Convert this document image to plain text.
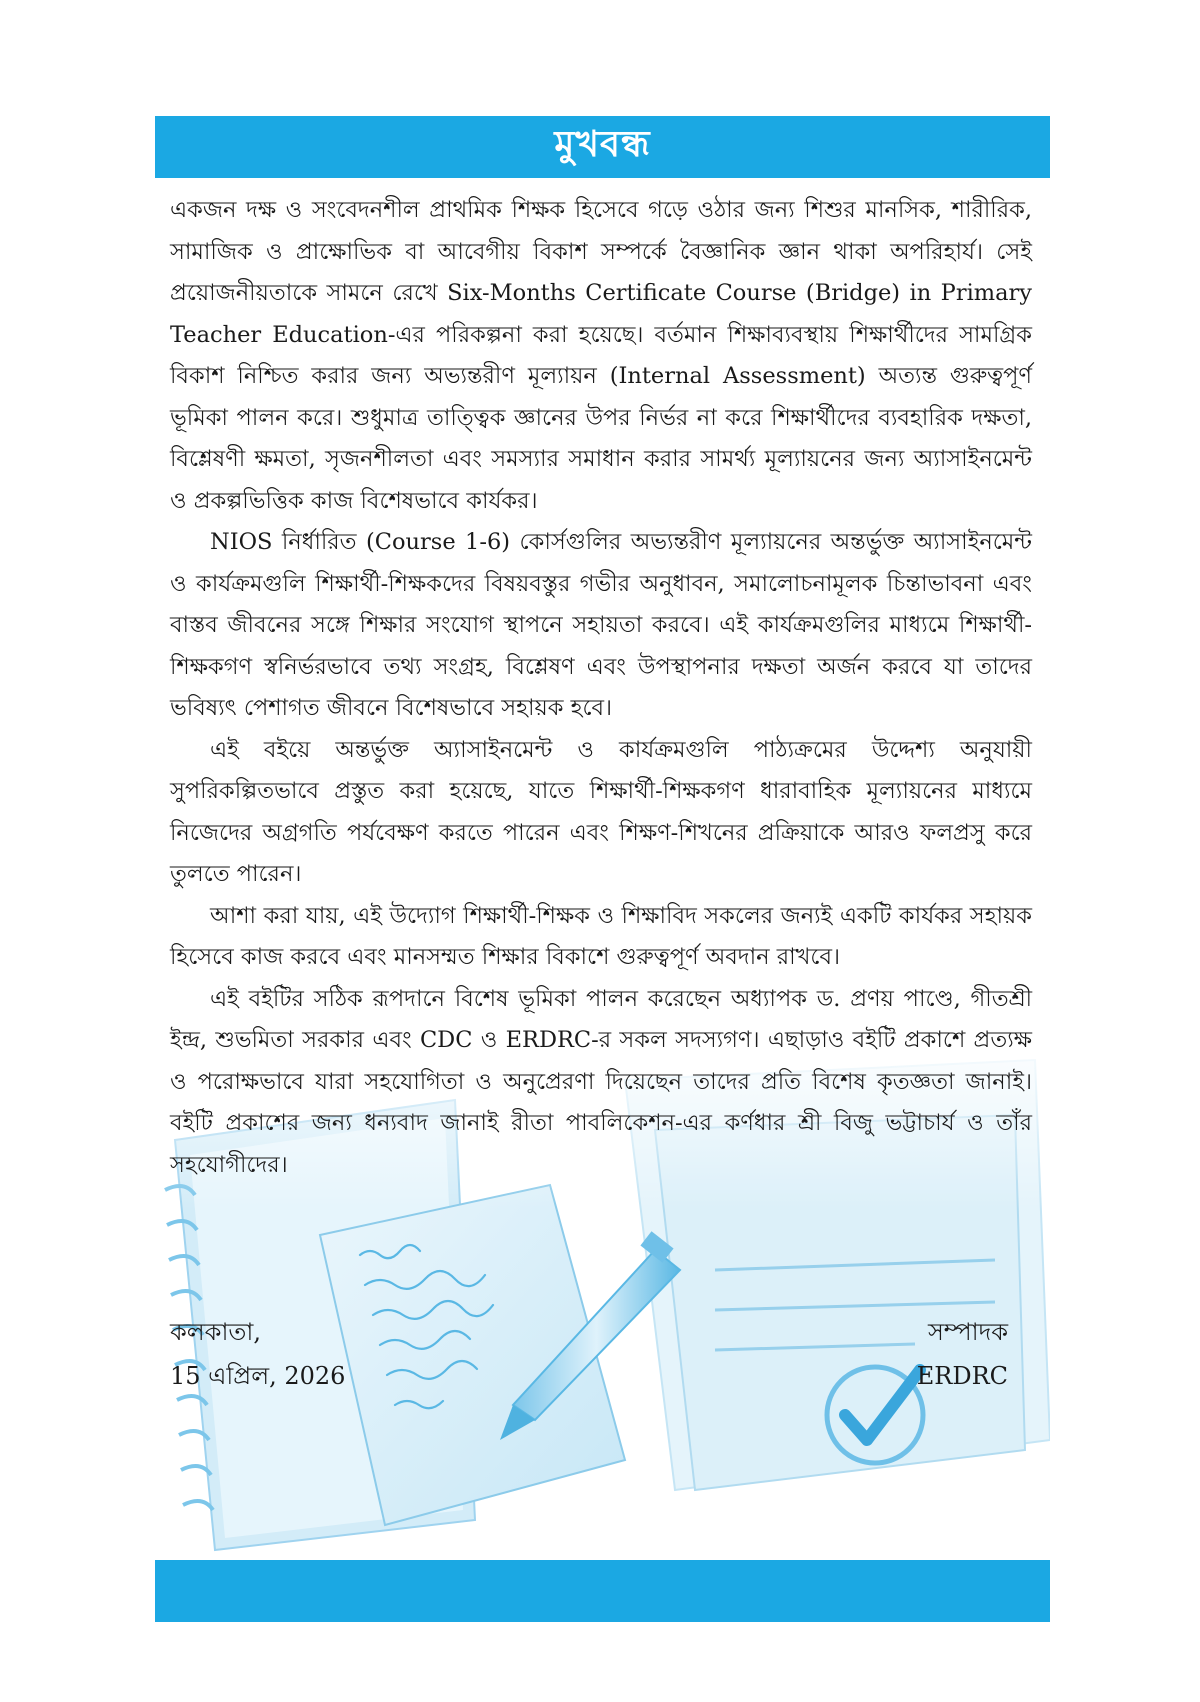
মুখবন্ধ

একজন দক্ষ ও সংবেদনশীল প্রাথমিক শিক্ষক হিসেবে গড়ে ওঠার জন্য শিশুর মানসিক, শারীরিক, সামাজিক ও প্রাক্ষোভিক বা আবেগীয় বিকাশ সম্পর্কে বৈজ্ঞানিক জ্ঞান থাকা অপরিহার্য। সেই প্রয়োজনীয়তাকে সামনে রেখে Six-Months Certificate Course (Bridge) in Primary Teacher Education-এর পরিকল্পনা করা হয়েছে। বর্তমান শিক্ষাব্যবস্থায় শিক্ষার্থীদের সামগ্রিক বিকাশ নিশ্চিত করার জন্য অভ্যন্তরীণ মূল্যায়ন (Internal Assessment) অত্যন্ত গুরুত্বপূর্ণ ভূমিকা পালন করে। শুধুমাত্র তাত্ত্বিক জ্ঞানের উপর নির্ভর না করে শিক্ষার্থীদের ব্যবহারিক দক্ষতা, বিশ্লেষণী ক্ষমতা, সৃজনশীলতা এবং সমস্যার সমাধান করার সামর্থ্য মূল্যায়নের জন্য অ্যাসাইনমেন্ট ও প্রকল্পভিত্তিক কাজ বিশেষভাবে কার্যকর।

NIOS নির্ধারিত (Course 1-6) কোর্সগুলির অভ্যন্তরীণ মূল্যায়নের অন্তর্ভুক্ত অ্যাসাইনমেন্ট ও কার্যক্রমগুলি শিক্ষার্থী-শিক্ষকদের বিষয়বস্তুর গভীর অনুধাবন, সমালোচনামূলক চিন্তাভাবনা এবং বাস্তব জীবনের সঙ্গে শিক্ষার সংযোগ স্থাপনে সহায়তা করবে। এই কার্যক্রমগুলির মাধ্যমে শিক্ষার্থী-শিক্ষকগণ স্বনির্ভরভাবে তথ্য সংগ্রহ, বিশ্লেষণ এবং উপস্থাপনার দক্ষতা অর্জন করবে যা তাদের ভবিষ্যৎ পেশাগত জীবনে বিশেষভাবে সহায়ক হবে।

এই বইয়ে অন্তর্ভুক্ত অ্যাসাইনমেন্ট ও কার্যক্রমগুলি পাঠ্যক্রমের উদ্দেশ্য অনুযায়ী সুপরিকল্পিতভাবে প্রস্তুত করা হয়েছে, যাতে শিক্ষার্থী-শিক্ষকগণ ধারাবাহিক মূল্যায়নের মাধ্যমে নিজেদের অগ্রগতি পর্যবেক্ষণ করতে পারেন এবং শিক্ষণ-শিখনের প্রক্রিয়াকে আরও ফলপ্রসু করে তুলতে পারেন।

আশা করা যায়, এই উদ্যোগ শিক্ষার্থী-শিক্ষক ও শিক্ষাবিদ সকলের জন্যই একটি কার্যকর সহায়ক হিসেবে কাজ করবে এবং মানসম্মত শিক্ষার বিকাশে গুরুত্বপূর্ণ অবদান রাখবে।

এই বইটির সঠিক রূপদানে বিশেষ ভূমিকা পালন করেছেন অধ্যাপক ড. প্রণয় পাণ্ডে, গীতশ্রী ইন্দ্র, শুভমিতা সরকার এবং CDC ও ERDRC-র সকল সদস্যগণ। এছাড়াও বইটি প্রকাশে প্রত্যক্ষ ও পরোক্ষভাবে যারা সহযোগিতা ও অনুপ্রেরণা দিয়েছেন তাদের প্রতি বিশেষ কৃতজ্ঞতা জানাই। বইটি প্রকাশের জন্য ধন্যবাদ জানাই রীতা পাবলিকেশন-এর কর্ণধার শ্রী বিজু ভট্টাচার্য ও তাঁর সহযোগীদের।

কলকাতা,
15 এপ্রিল, 2026
সম্পাদক
ERDRC
